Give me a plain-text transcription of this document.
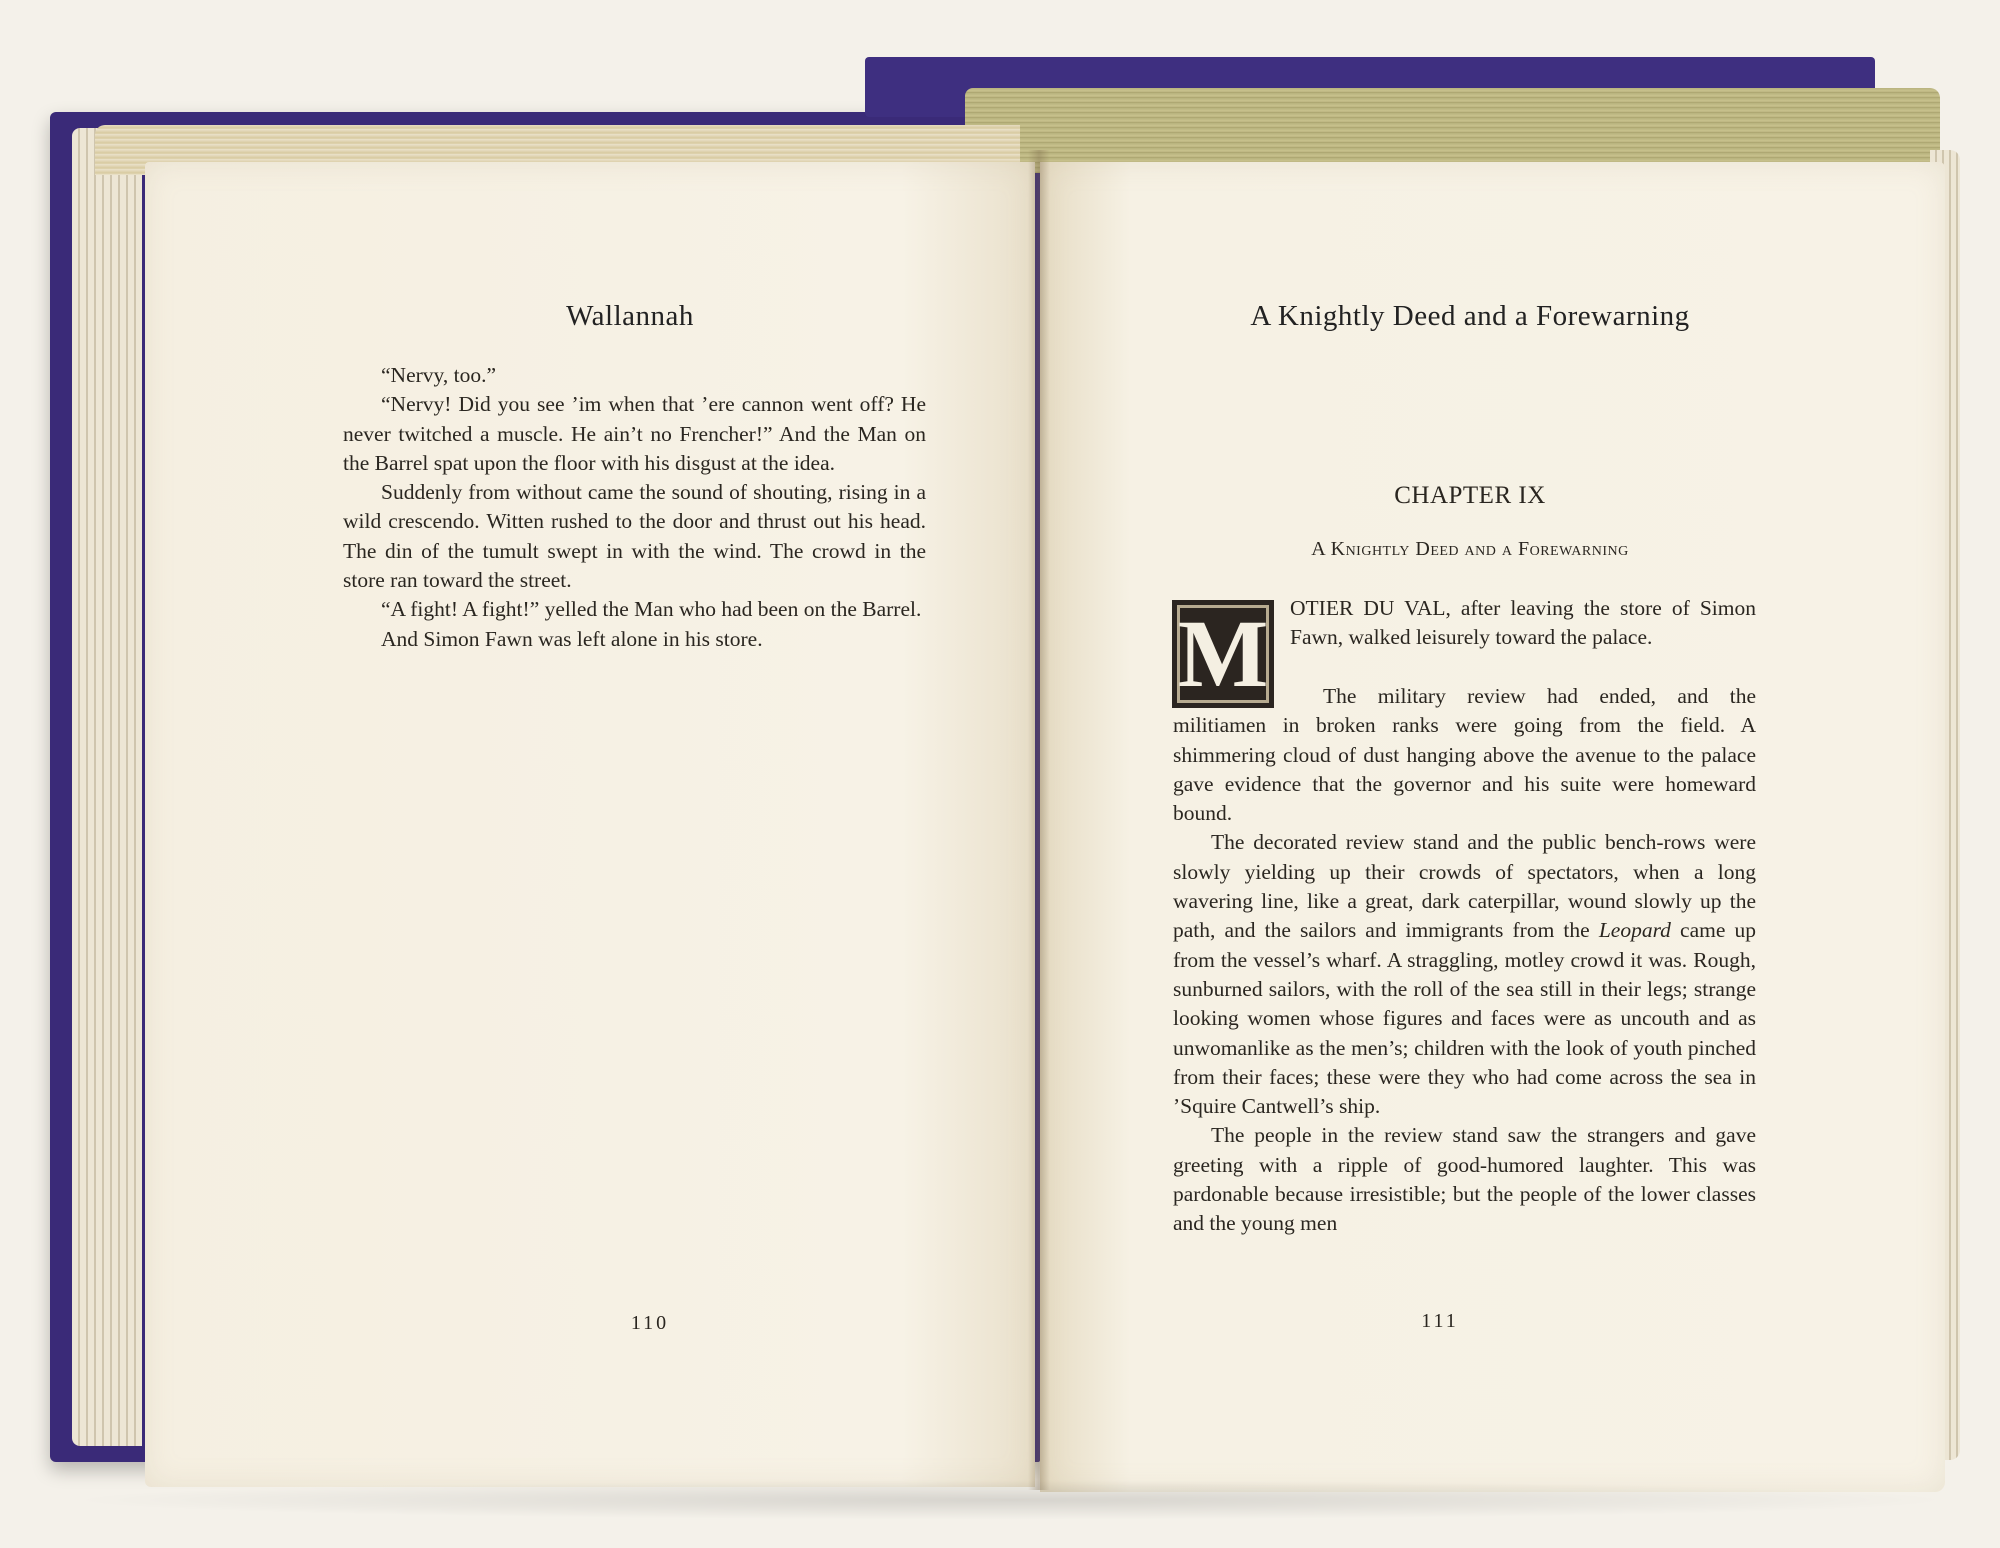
Wallannah

“Nervy, too.”

“Nervy! Did you see ’im when that ’ere cannon went off? He never twitched a muscle. He ain’t no Frencher!” And the Man on the Barrel spat upon the floor with his disgust at the idea.

Suddenly from without came the sound of shouting, rising in a wild crescendo. Witten rushed to the door and thrust out his head. The din of the tumult swept in with the wind. The crowd in the store ran toward the street.

“A fight! A fight!” yelled the Man who had been on the Barrel.

And Simon Fawn was left alone in his store.

110
A Knightly Deed and a Forewarning
CHAPTER IX
A Knightly Deed and a Forewarning
M OTIER DU VAL, after leaving the store of Simon Fawn, walked leisurely toward the palace.

The military review had ended, and the militiamen in broken ranks were going from the field. A shimmering cloud of dust hanging above the avenue to the palace gave evidence that the governor and his suite were homeward bound.

The decorated review stand and the public bench-rows were slowly yielding up their crowds of spectators, when a long wavering line, like a great, dark caterpillar, wound slowly up the path, and the sailors and immigrants from the Leopard came up from the vessel’s wharf. A straggling, motley crowd it was. Rough, sunburned sailors, with the roll of the sea still in their legs; strange looking women whose figures and faces were as uncouth and as unwomanlike as the men’s; children with the look of youth pinched from their faces; these were they who had come across the sea in ’Squire Cantwell’s ship.

The people in the review stand saw the strangers and gave greeting with a ripple of good-humored laughter. This was pardonable because irresistible; but the people of the lower classes and the young men

111
